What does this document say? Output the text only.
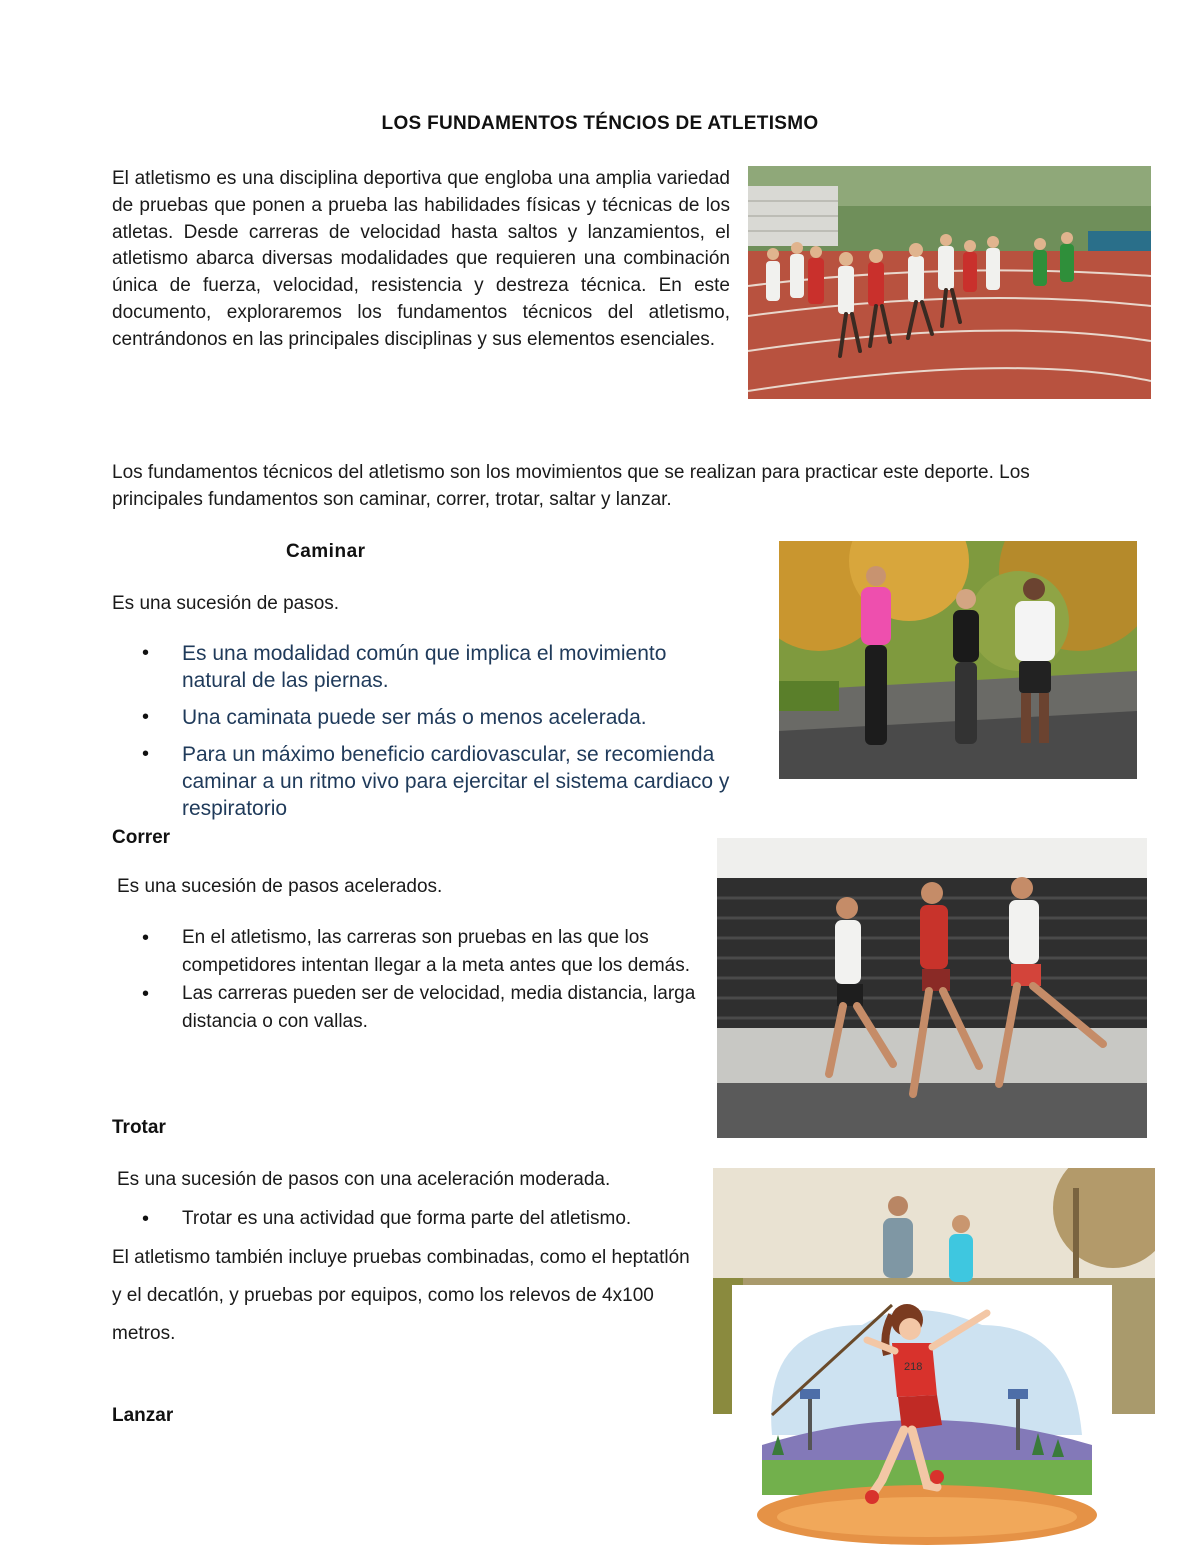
LOS FUNDAMENTOS TÉNCIOS DE ATLETISMO

El atletismo es una disciplina deportiva que engloba una amplia variedad de pruebas que ponen a prueba las habilidades físicas y técnicas de los atletas. Desde carreras de velocidad hasta saltos y lanzamientos, el atletismo abarca diversas modalidades que requieren una combinación única de fuerza, velocidad, resistencia y destreza técnica. En este documento, exploraremos los fundamentos técnicos del atletismo, centrándonos en las principales disciplinas y sus elementos esenciales.

Los fundamentos técnicos del atletismo son los movimientos que se realizan para practicar este deporte. Los principales fundamentos son caminar, correr, trotar, saltar y lanzar.

Caminar
Es una sucesión de pasos.
• Es una modalidad común que implica el movimiento natural de las piernas.
• Una caminata puede ser más o menos acelerada.
• Para un máximo beneficio cardiovascular, se recomienda caminar a un ritmo vivo para ejercitar el sistema cardiaco y respiratorio
Correr
Es una sucesión de pasos acelerados.
• En el atletismo, las carreras son pruebas en las que los competidores intentan llegar a la meta antes que los demás.
• Las carreras pueden ser de velocidad, media distancia, larga distancia o con vallas.
Trotar
Es una sucesión de pasos con una aceleración moderada.
• Trotar es una actividad que forma parte del atletismo.

El atletismo también incluye pruebas combinadas, como el heptatlón y el decatlón, y pruebas por equipos, como los relevos de 4x100 metros.

Lanzar
218
